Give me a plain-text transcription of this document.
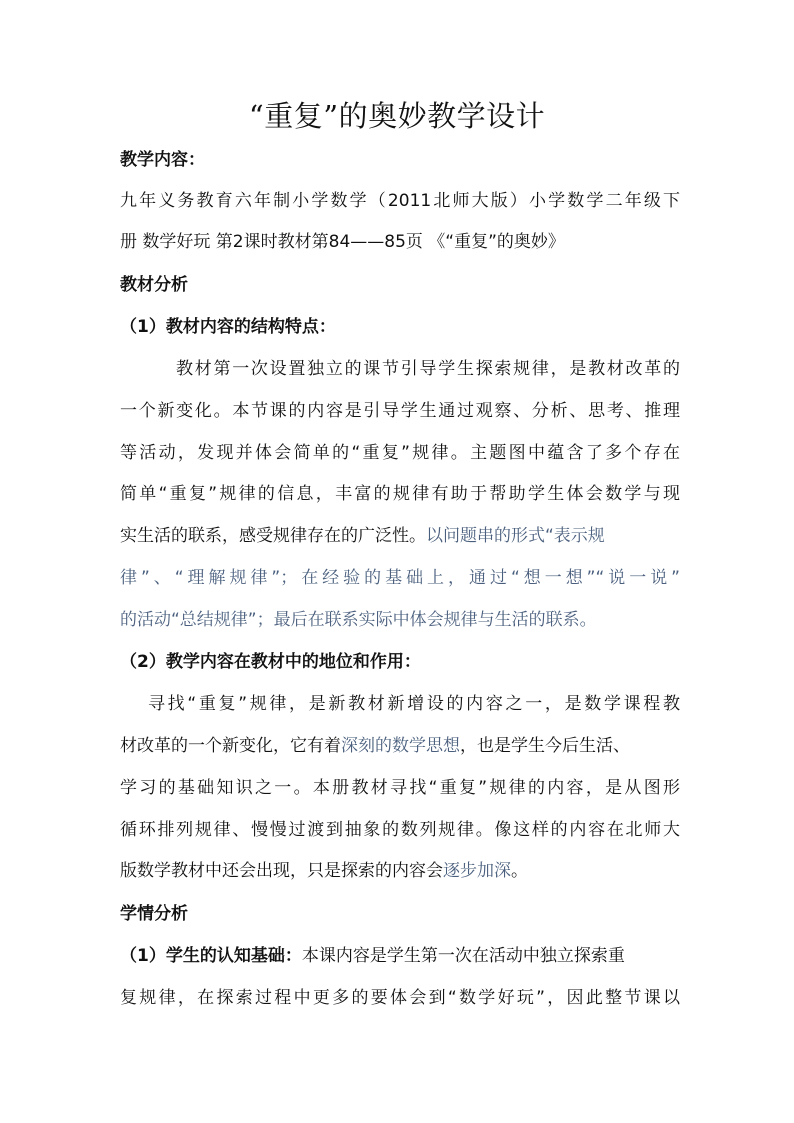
“重复”的奥妙教学设计
教学内容：
九年义务教育六年制小学数学（2011北师大版）小学数学二年级下
册 数学好玩 第2课时教材第84——85页 《“重复”的奥妙》
教材分析
（1）教材内容的结构特点：
教材第一次设置独立的课节引导学生探索规律，是教材改革的
一个新变化。本节课的内容是引导学生通过观察、分析、思考、推理
等活动，发现并体会简单的“重复”规律。主题图中蕴含了多个存在
简单“重复”规律的信息，丰富的规律有助于帮助学生体会数学与现
实生活的联系，感受规律存在的广泛性。以问题串的形式“表示规
律”、“理解规律”；在经验的基础上，通过“想一想”“说一说”
的活动“总结规律”；最后在联系实际中体会规律与生活的联系。
（2）教学内容在教材中的地位和作用：
寻找“重复”规律，是新教材新增设的内容之一，是数学课程教
材改革的一个新变化，它有着深刻的数学思想，也是学生今后生活、
学习的基础知识之一。本册教材寻找“重复”规律的内容，是从图形
循环排列规律、慢慢过渡到抽象的数列规律。像这样的内容在北师大
版数学教材中还会出现，只是探索的内容会逐步加深。
学情分析
（1）学生的认知基础：本课内容是学生第一次在活动中独立探索重
复规律，在探索过程中更多的要体会到“数学好玩”，因此整节课以
